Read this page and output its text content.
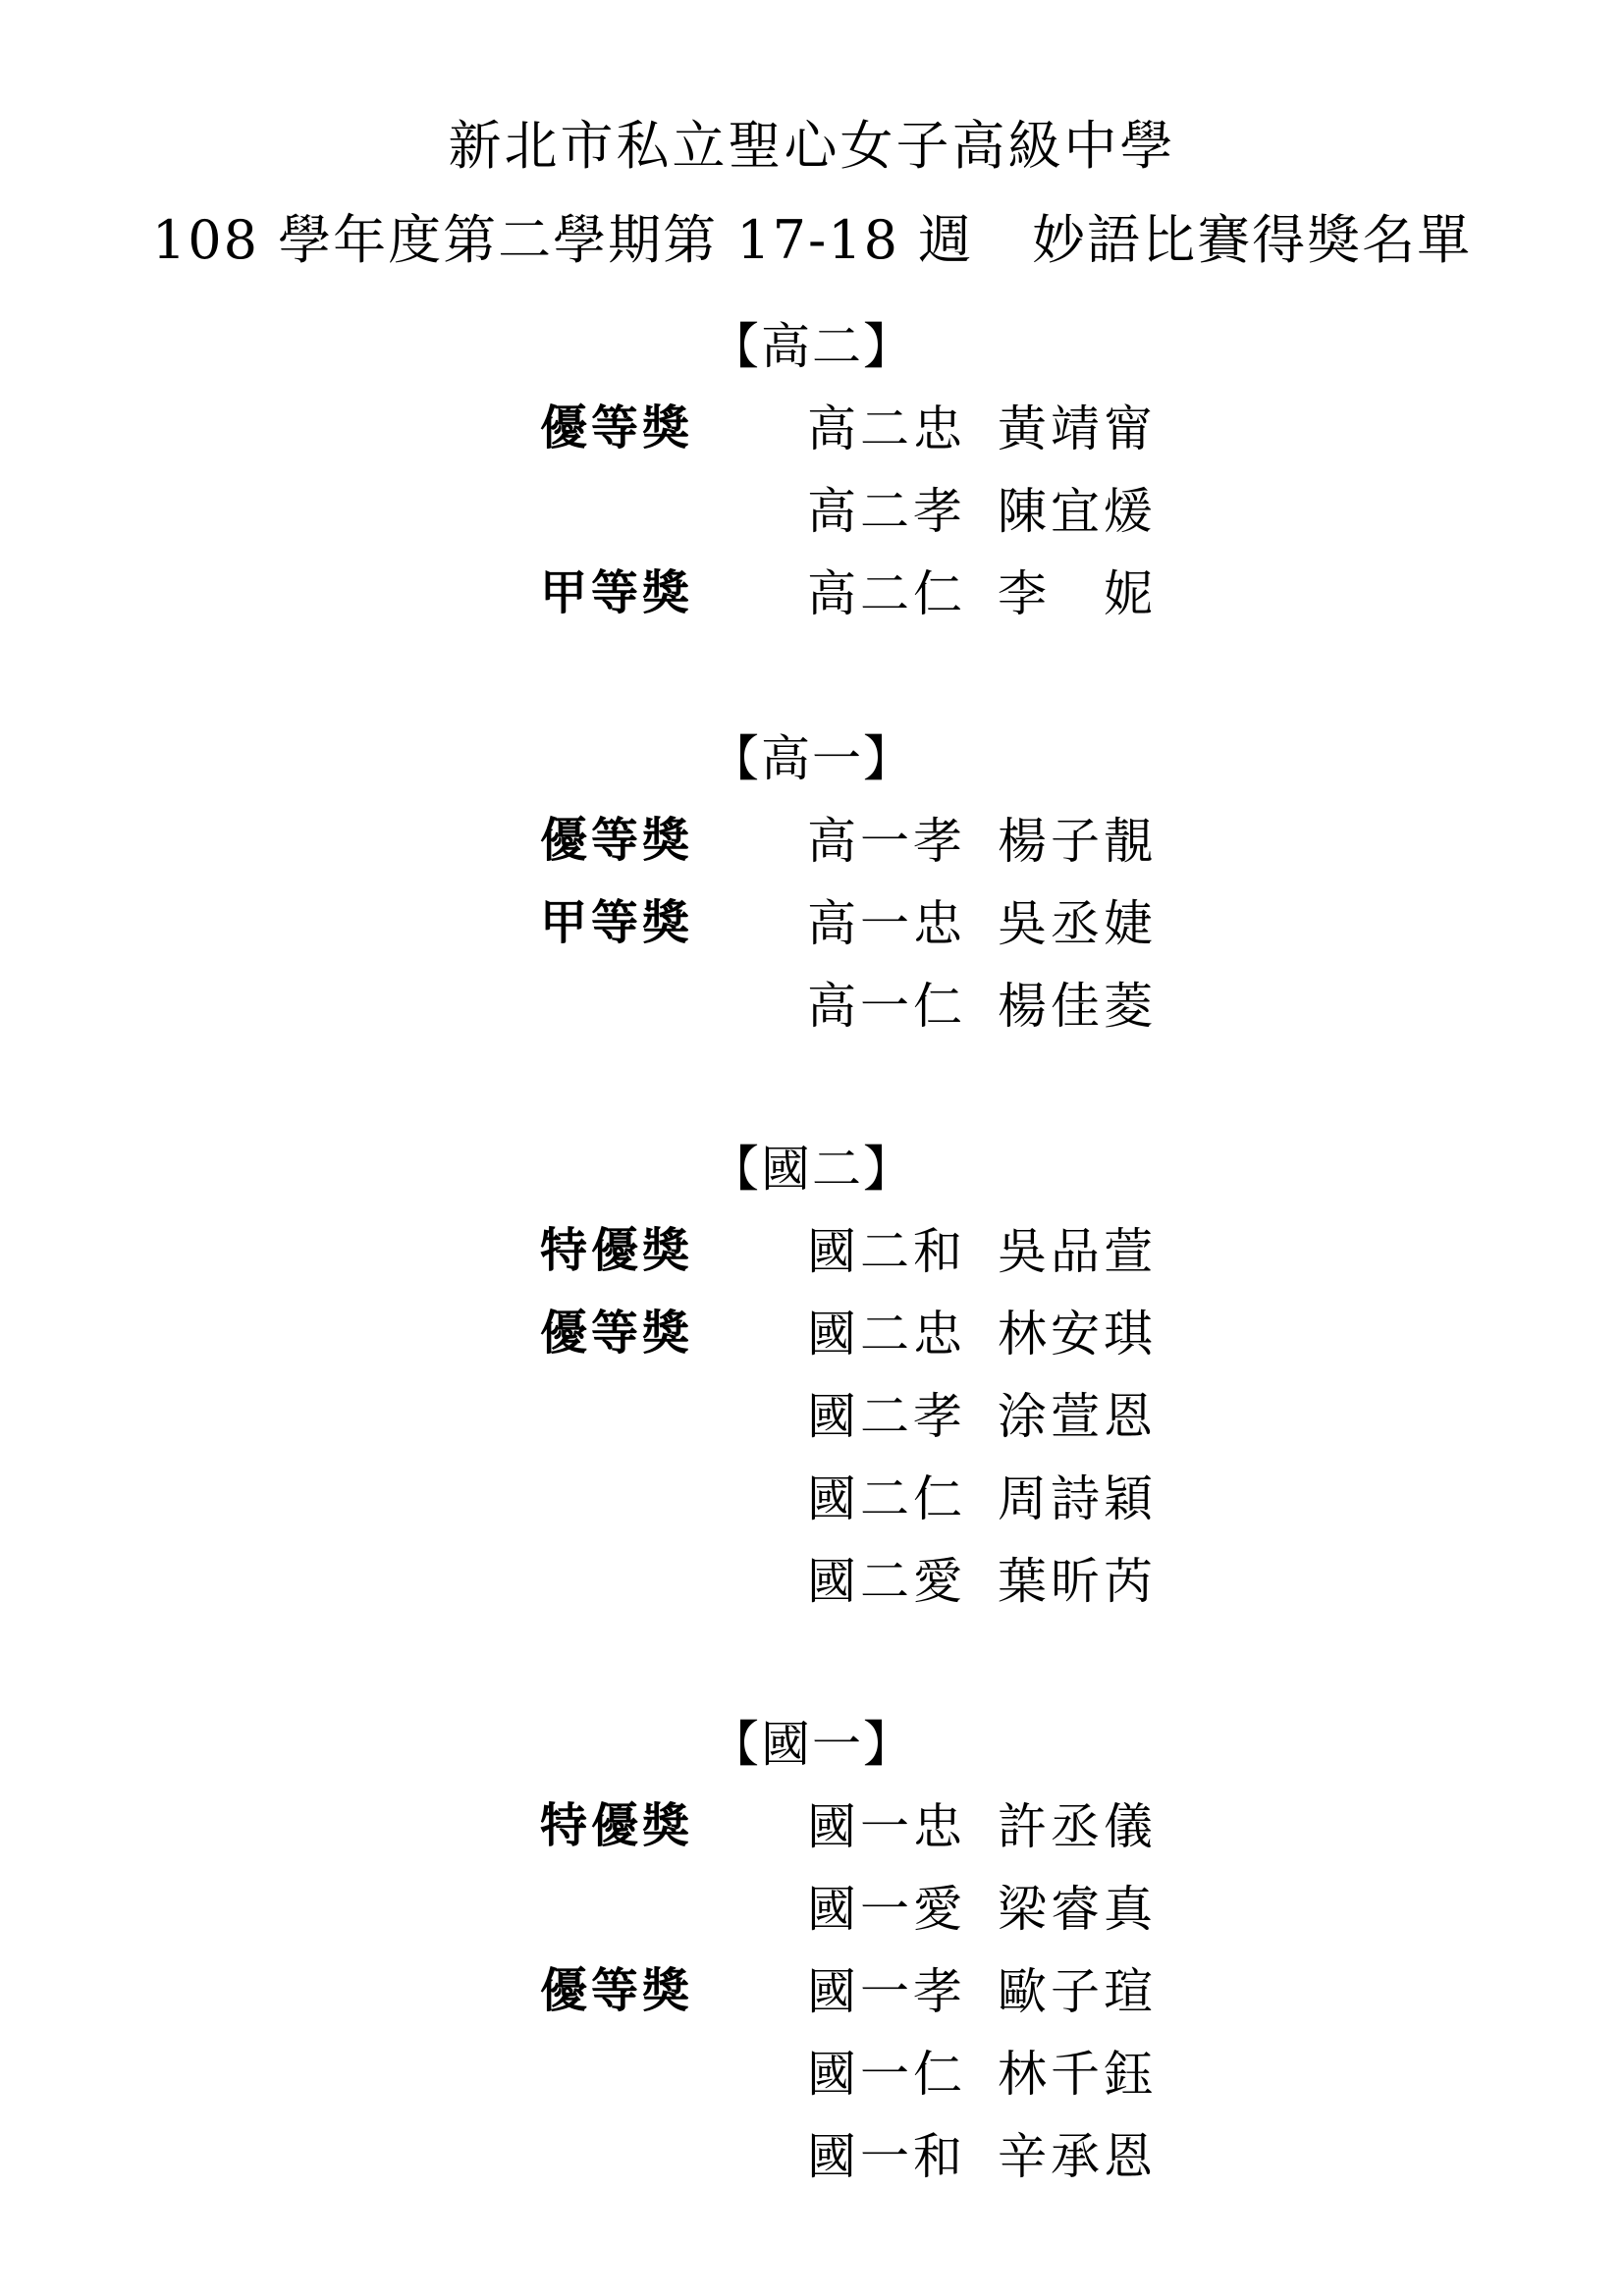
新北市私立聖心女子高級中學
108 學年度第二學期第 17-18 週 妙語比賽得獎名單
【高二】
優等獎 高二忠 黃靖甯
高二孝 陳宜煖
甲等獎 高二仁 李　妮
【高一】
優等獎 高一孝 楊子靚
甲等獎 高一忠 吳丞婕
高一仁 楊佳菱
【國二】
特優獎 國二和 吳品萱
優等獎 國二忠 林安琪
國二孝 涂萱恩
國二仁 周詩穎
國二愛 葉昕芮
【國一】
特優獎 國一忠 許丞儀
國一愛 梁睿真
優等獎 國一孝 歐子瑄
國一仁 林千鈺
國一和 辛承恩
